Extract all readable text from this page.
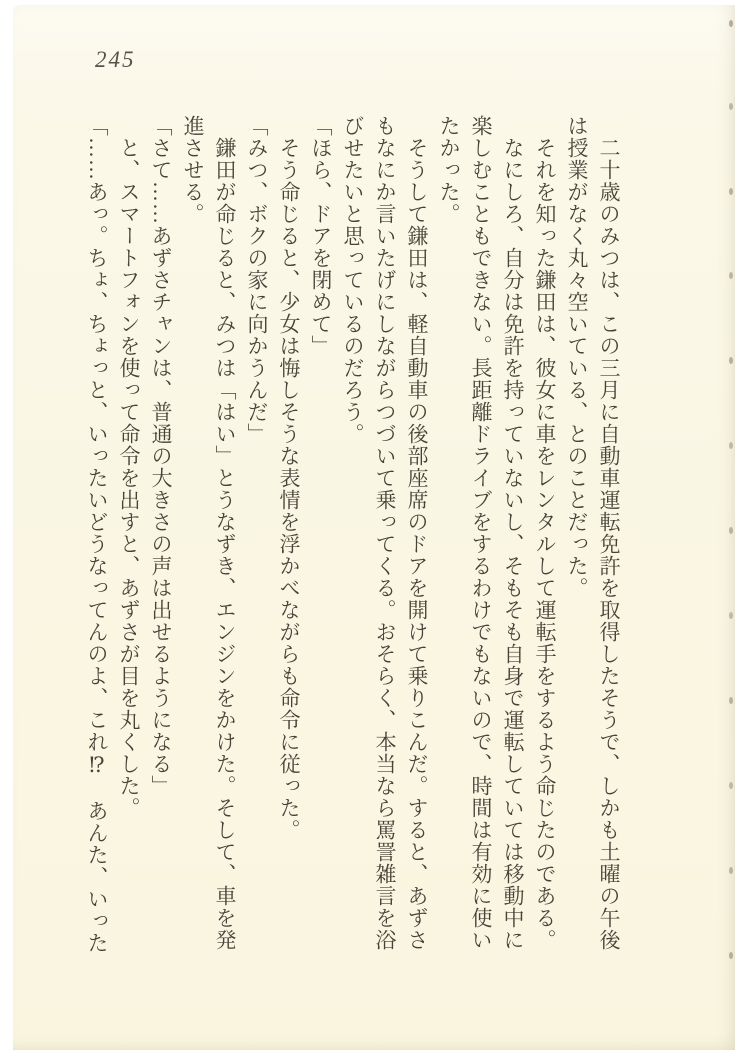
245
二十歳のみつは、この三月に自動車運転免許を取得したそうで、しかも土曜の午後
は授業がなく丸々空いている、とのことだった。
それを知った鎌田は、彼女に車をレンタルして運転手をするよう命じたのである。
なにしろ、自分は免許を持っていないし、そもそも自身で運転していては移動中に
楽しむこともできない。長距離ドライブをするわけでもないので、時間は有効に使い
たかった。
そうして鎌田は、軽自動車の後部座席のドアを開けて乗りこんだ。すると、あずさ
もなにか言いたげにしながらつづいて乗ってくる。おそらく、本当なら罵詈雑言を浴
びせたいと思っているのだろう。
「ほら、ドアを閉めて」
そう命じると、少女は悔しそうな表情を浮かべながらも命令に従った。
「みつ、ボクの家に向かうんだ」
鎌田が命じると、みつは「はい」とうなずき、エンジンをかけた。そして、車を発
進させる。
「さて……あずさチャンは、普通の大きさの声は出せるようになる」
と、スマートフォンを使って命令を出すと、あずさが目を丸くした。
「……あっ。ちょ、ちょっと、いったいどうなってんのよ、これ⁉　あんた、いった
